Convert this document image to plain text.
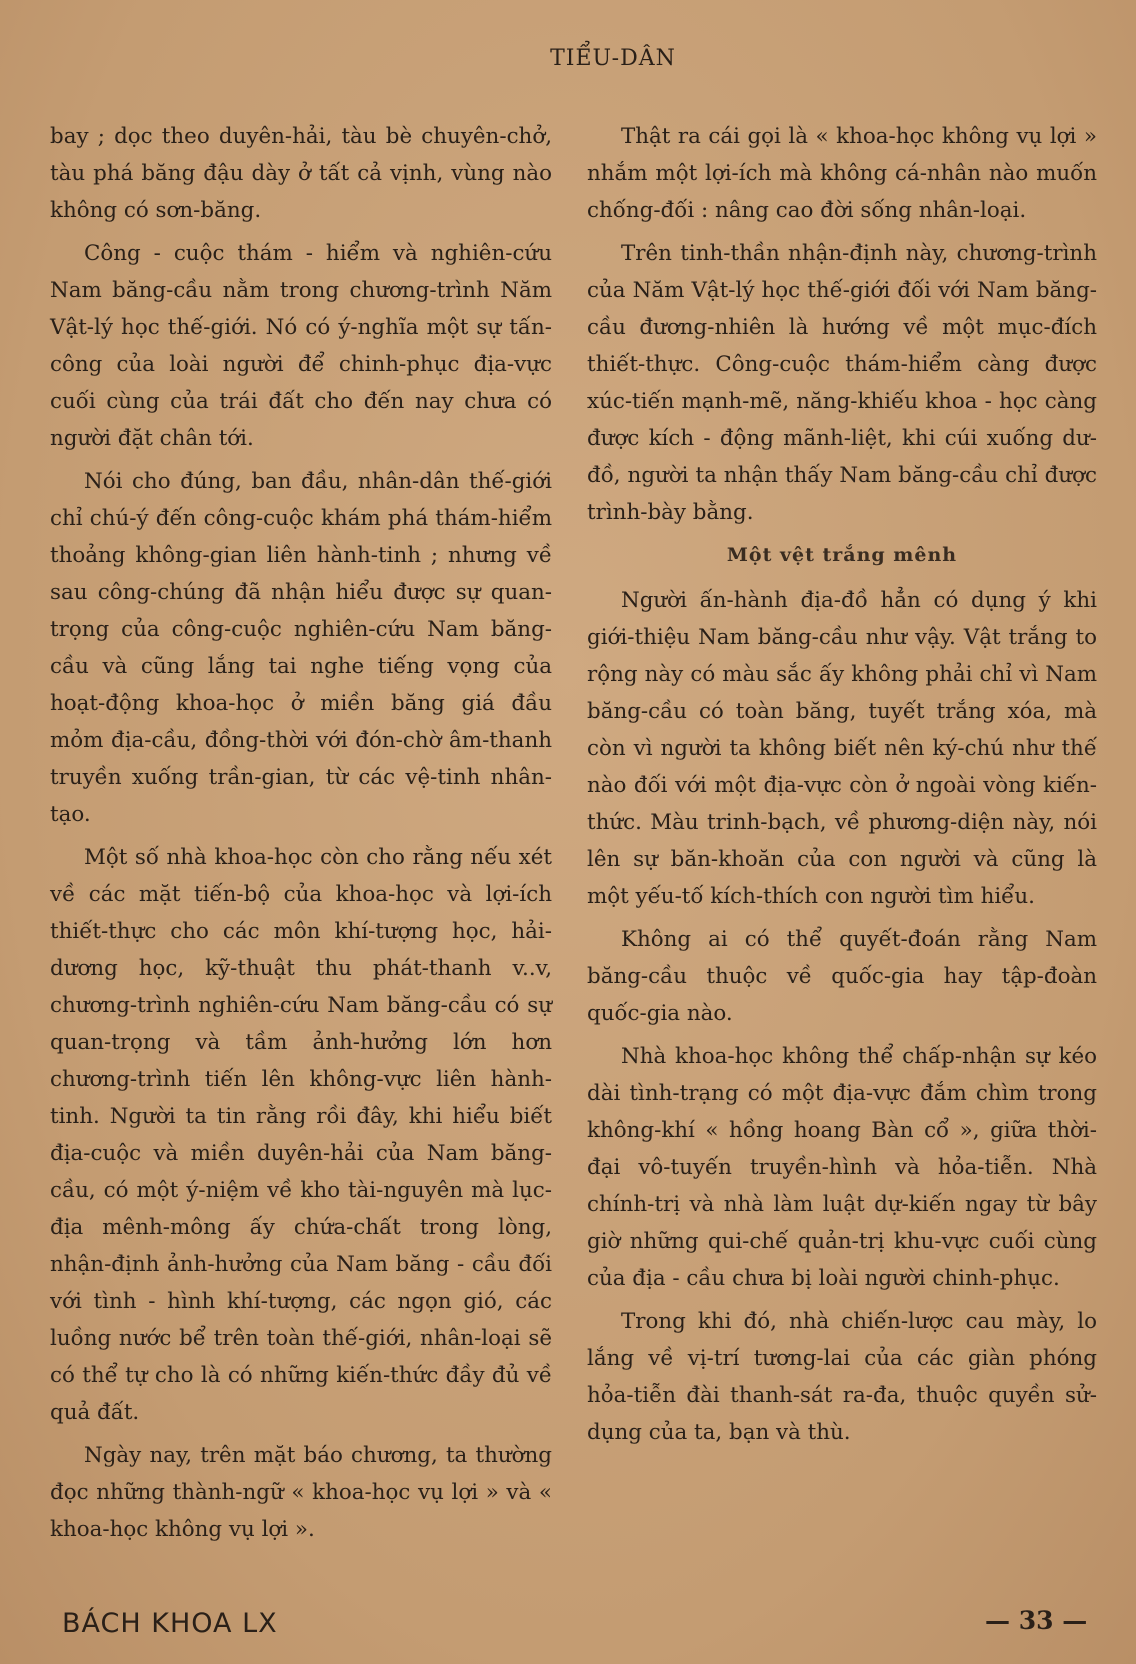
TIỂU-DÂN

bay ; dọc theo duyên-hải, tàu bè chuyên-chở, tàu phá băng đậu dày ở tất cả vịnh, vùng nào không có sơn-băng.

Công - cuộc thám - hiểm và nghiên-cứu Nam băng-cầu nằm trong chương-trình Năm Vật-lý học thế-giới. Nó có ý-nghĩa một sự tấn-công của loài người để chinh-phục địa-vực cuối cùng của trái đất cho đến nay chưa có người đặt chân tới.

Nói cho đúng, ban đầu, nhân-dân thế-giới chỉ chú-ý đến công-cuộc khám phá thám-hiểm thoảng không-gian liên hành-tinh ; nhưng về sau công-chúng đã nhận hiểu được sự quan-trọng của công-cuộc nghiên-cứu Nam băng-cầu và cũng lắng tai nghe tiếng vọng của hoạt-động khoa-học ở miền băng giá đầu mỏm địa-cầu, đồng-thời với đón-chờ âm-thanh truyền xuống trần-gian, từ các vệ-tinh nhân-tạo.

Một số nhà khoa-học còn cho rằng nếu xét về các mặt tiến-bộ của khoa-học và lợi-ích thiết-thực cho các môn khí-tượng học, hải-dương học, kỹ-thuật thu phát-thanh v..v, chương-trình nghiên-cứu Nam băng-cầu có sự quan-trọng và tầm ảnh-hưởng lớn hơn chương-trình tiến lên không-vực liên hành-tinh. Người ta tin rằng rồi đây, khi hiểu biết địa-cuộc và miền duyên-hải của Nam băng-cầu, có một ý-niệm về kho tài-nguyên mà lục-địa mênh-mông ấy chứa-chất trong lòng, nhận-định ảnh-hưởng của Nam băng - cầu đối với tình - hình khí-tượng, các ngọn gió, các luồng nước bể trên toàn thế-giới, nhân-loại sẽ có thể tự cho là có những kiến-thức đầy đủ về quả đất.

Ngày nay, trên mặt báo chương, ta thường đọc những thành-ngữ « khoa-học vụ lợi » và « khoa-học không vụ lợi ».

Thật ra cái gọi là « khoa-học không vụ lợi » nhắm một lợi-ích mà không cá-nhân nào muốn chống-đối : nâng cao đời sống nhân-loại.

Trên tinh-thần nhận-định này, chương-trình của Năm Vật-lý học thế-giới đối với Nam băng-cầu đương-nhiên là hướng về một mục-đích thiết-thực. Công-cuộc thám-hiểm càng được xúc-tiến mạnh-mẽ, năng-khiếu khoa - học càng được kích - động mãnh-liệt, khi cúi xuống dư-đồ, người ta nhận thấy Nam băng-cầu chỉ được trình-bày bằng.

Một vệt trắng mênh

Người ấn-hành địa-đồ hẳn có dụng ý khi giới-thiệu Nam băng-cầu như vậy. Vật trắng to rộng này có màu sắc ấy không phải chỉ vì Nam băng-cầu có toàn băng, tuyết trắng xóa, mà còn vì người ta không biết nên ký-chú như thế nào đối với một địa-vực còn ở ngoài vòng kiến-thức. Màu trinh-bạch, về phương-diện này, nói lên sự băn-khoăn của con người và cũng là một yếu-tố kích-thích con người tìm hiểu.

Không ai có thể quyết-đoán rằng Nam băng-cầu thuộc về quốc-gia hay tập-đoàn quốc-gia nào.

Nhà khoa-học không thể chấp-nhận sự kéo dài tình-trạng có một địa-vực đắm chìm trong không-khí « hồng hoang Bàn cổ », giữa thời-đại vô-tuyến truyền-hình và hỏa-tiễn. Nhà chính-trị và nhà làm luật dự-kiến ngay từ bây giờ những qui-chế quản-trị khu-vực cuối cùng của địa - cầu chưa bị loài người chinh-phục.

Trong khi đó, nhà chiến-lược cau mày, lo lắng về vị-trí tương-lai của các giàn phóng hỏa-tiễn đài thanh-sát ra-đa, thuộc quyền sử-dụng của ta, bạn và thù.

BÁCH KHOA LX	— 33 —
